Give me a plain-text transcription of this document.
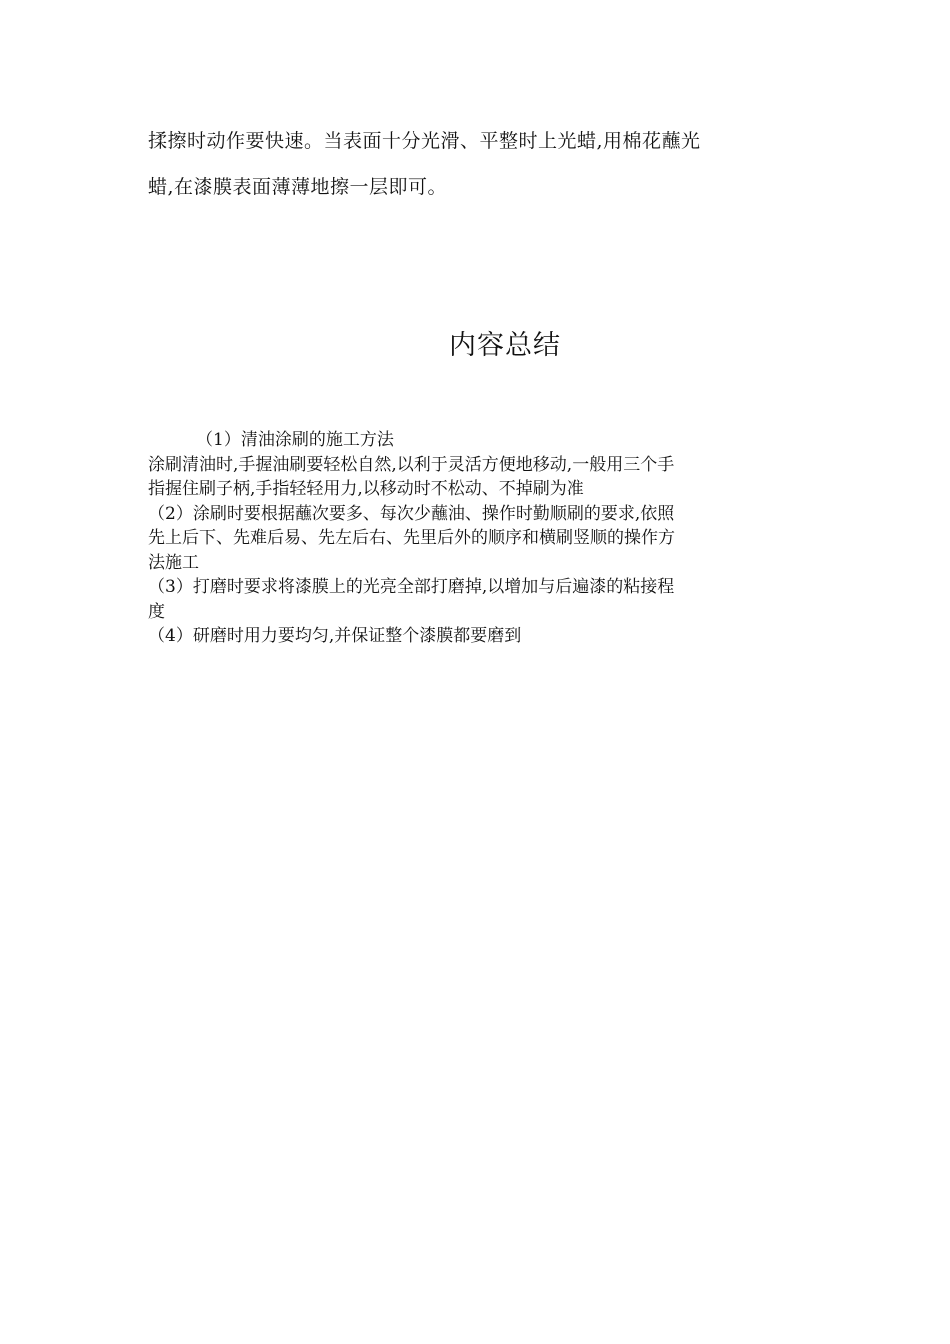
揉擦时动作要快速。当表面十分光滑、平整时上光蜡,用棉花蘸光

蜡,在漆膜表面薄薄地擦一层即可。

内容总结

（1）清油涂刷的施工方法

涂刷清油时,手握油刷要轻松自然,以利于灵活方便地移动,一般用三个手

指握住刷子柄,手指轻轻用力,以移动时不松动、不掉刷为准

（2）涂刷时要根据蘸次要多、每次少蘸油、操作时勤顺刷的要求,依照

先上后下、先难后易、先左后右、先里后外的顺序和横刷竖顺的操作方

法施工

（3）打磨时要求将漆膜上的光亮全部打磨掉,以增加与后遍漆的粘接程

度

（4）研磨时用力要均匀,并保证整个漆膜都要磨到
